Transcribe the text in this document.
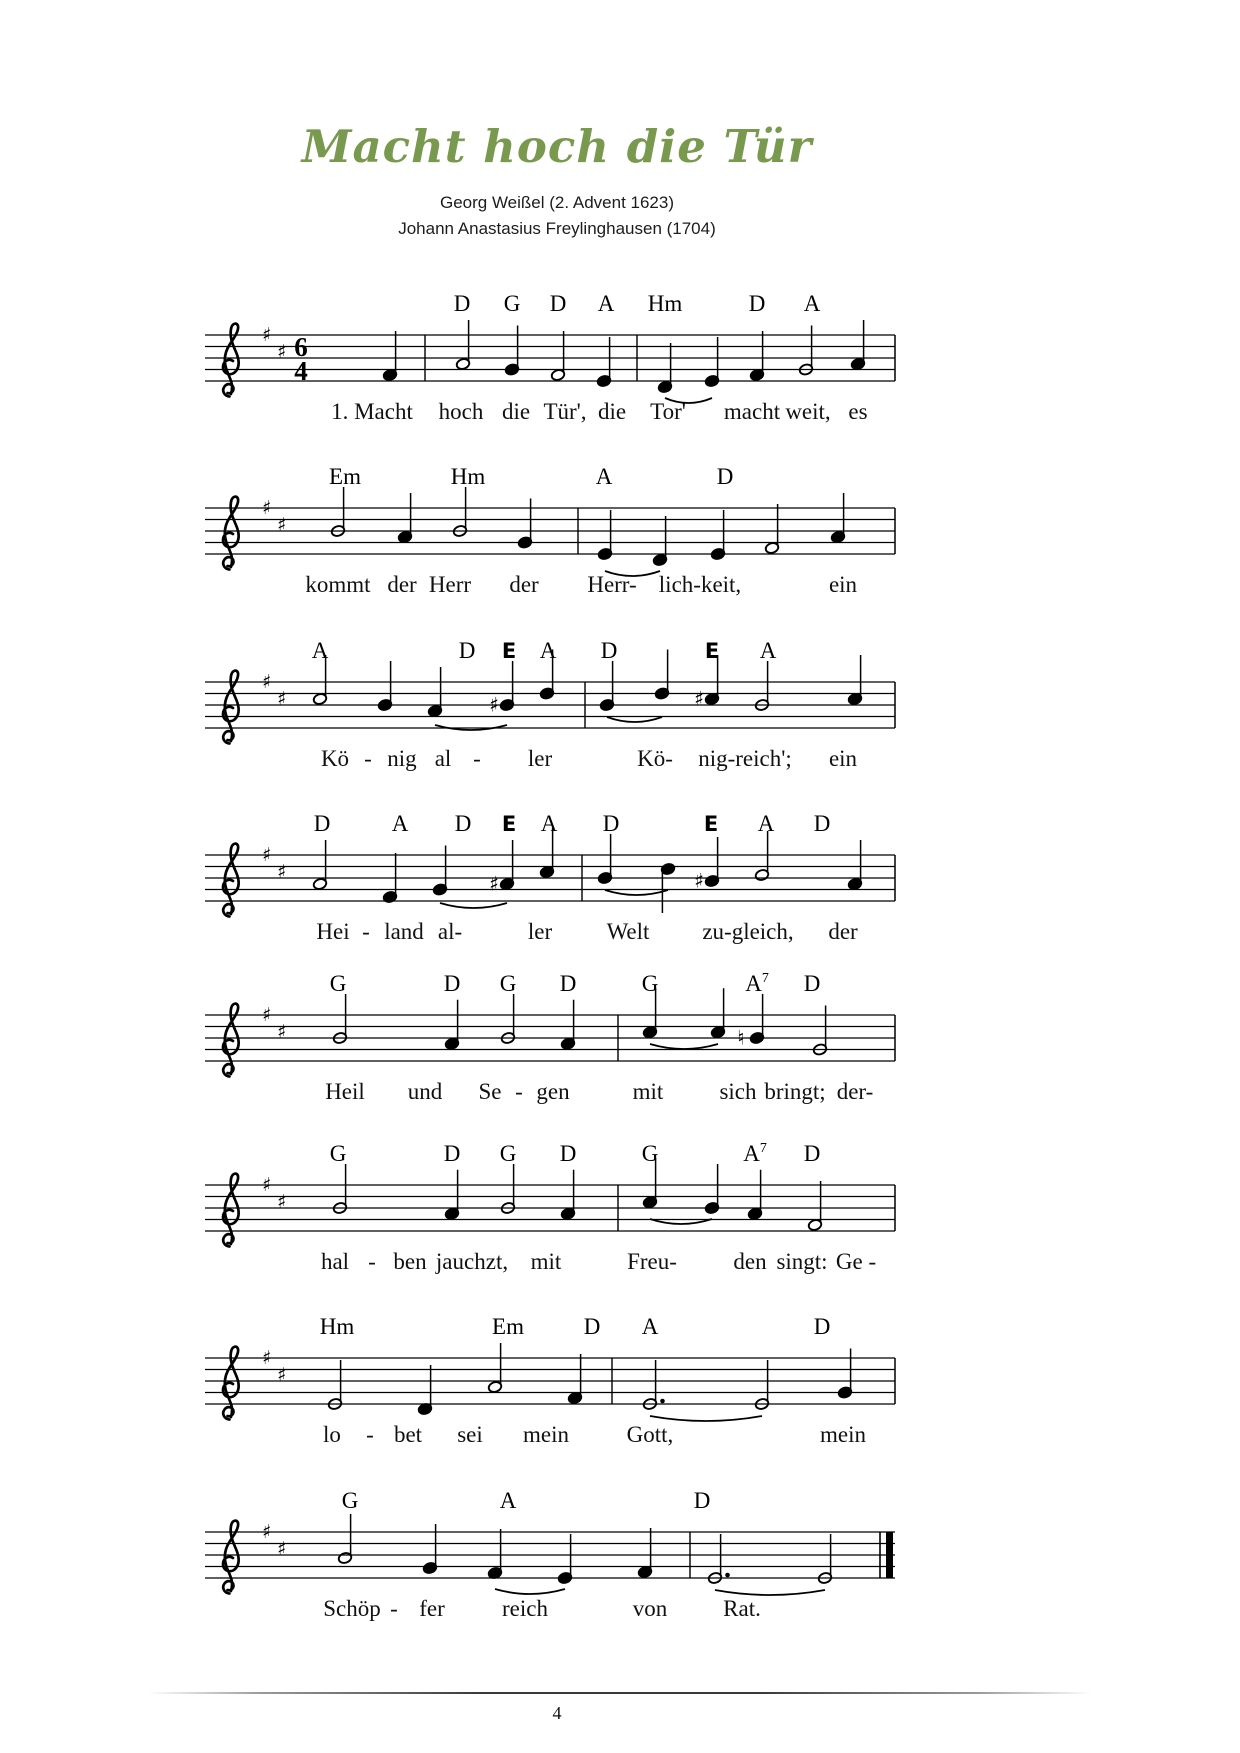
Macht hoch die Tür
Georg Weißel (2. Advent 1623)
Johann Anastasius Freylinghausen (1704)
♯
♯ 6
4
D G D A Hm	D A
1. Macht hoch die Tür', die Tor' macht weit, es
♯
♯
Em	Hm	A	D
kommt der Herr der Herr- lich-keit,	ein
♯
♯	♯	♯
A	D E A D	E A
Kö - nig al - ler	Kö- nig-reich'; ein
♯
♯	♯	♯
D	A D E A D	E A D
Hei - land al-	ler Welt zu-gleich, der
♯
♯	♮
G	D G D	G	$A^7$ D
Heil und Se - gen	mit sich bringt; der-
♯
♯
G	D G D	G	$A^7$ D
hal - ben jauchzt, mit	Freu- den singt: Ge -
♯
♯
Hm	Em	D A	D
lo - bet sei mein	Gott,	mein
♯
♯
G	A	D
Schöp - fer reich	von Rat.
4
